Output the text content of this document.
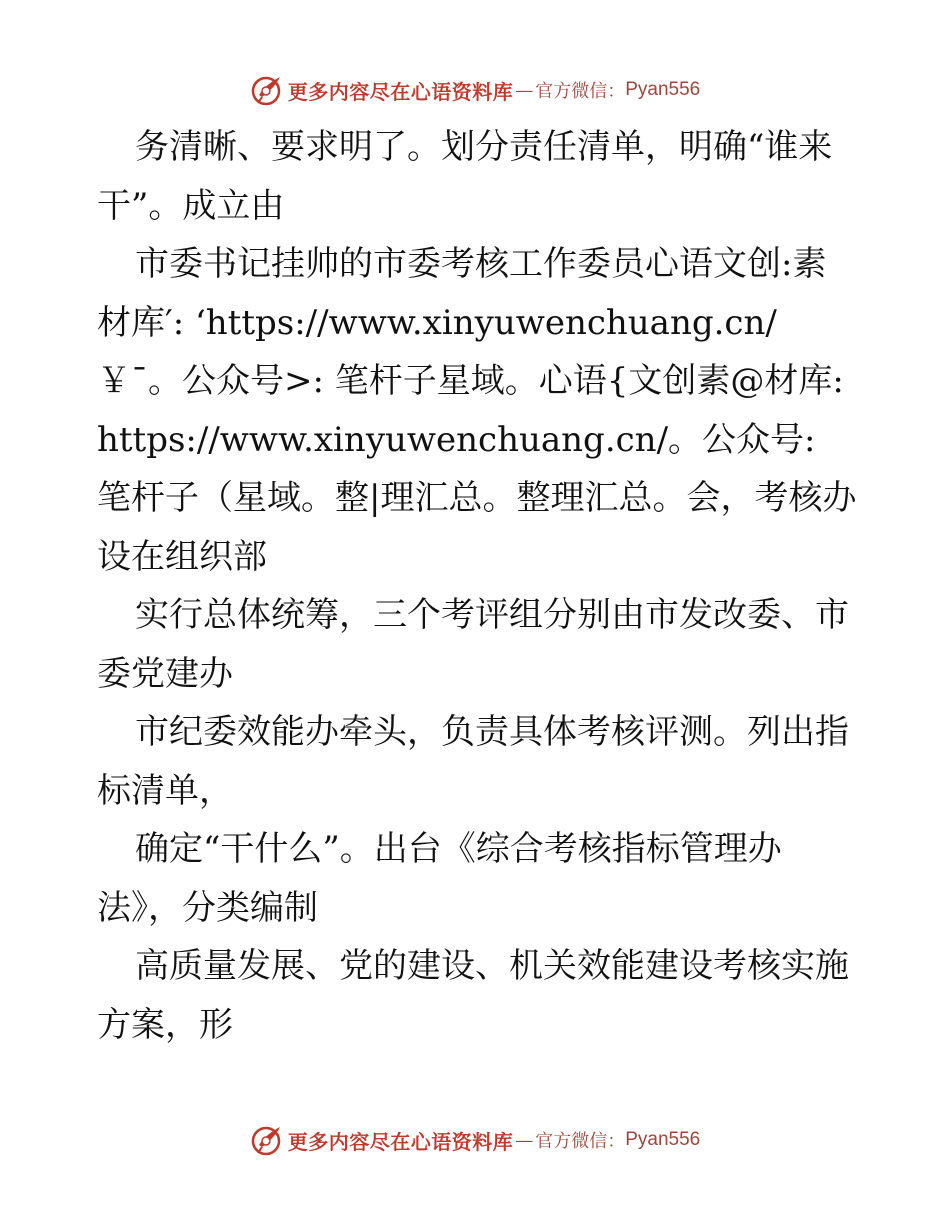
更多内容尽在心语资料库 — 官方微信： Pyan556

务清晰、要求明了。划分责任清单，明确“谁来干”。成立由

市委书记挂帅的市委考核工作委员心语文创:素材库′: ‘https://www.xinyuwenchuang.cn/￥¯。公众号>: 笔杆子星域。心语{文创素@材库: https://www.xinyuwenchuang.cn/。公众号: 笔杆子（星域。整|理汇总。整理汇总。会，考核办设在组织部

实行总体统筹，三个考评组分别由市发改委、市委党建办

市纪委效能办牵头，负责具体考核评测。列出指标清单，

确定“干什么”。出台《综合考核指标管理办法》，分类编制

高质量发展、党的建设、机关效能建设考核实施方案，形

更多内容尽在心语资料库 — 官方微信： Pyan556
